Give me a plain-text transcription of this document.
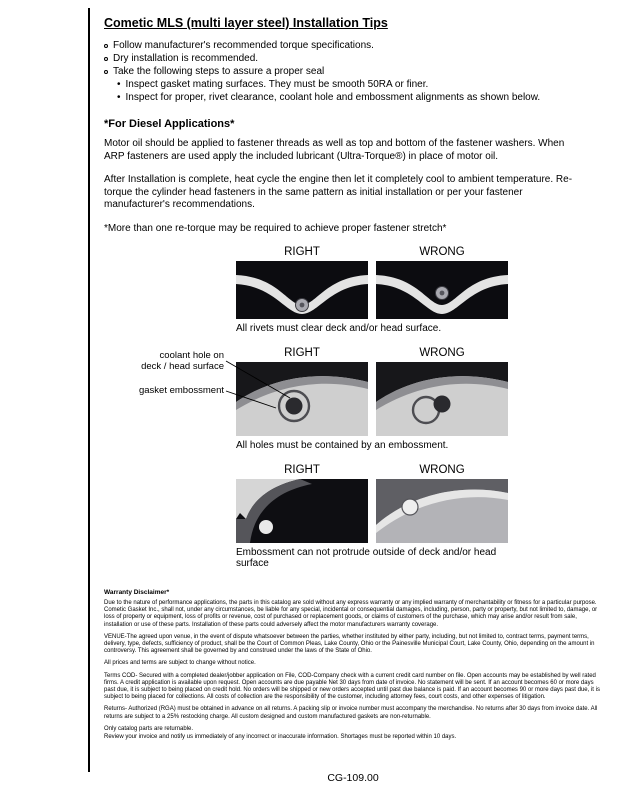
Cometic MLS (multi layer steel) Installation Tips
Follow manufacturer's recommended torque specifications.
Dry installation is recommended.
Take the following steps to assure a proper seal
• Inspect gasket mating surfaces. They must be smooth 50RA or finer.
• Inspect for proper, rivet clearance, coolant hole and embossment alignments as shown below.
*For Diesel Applications*

Motor oil should be applied to fastener threads as well as top and bottom of the fastener washers. When ARP fasteners are used apply the included lubricant (Ultra-Torque®) in place of motor oil.

After Installation is complete, heat cycle the engine then let it completely cool to ambient temperature. Re-torque the cylinder head fasteners in the same pattern as initial installation or per your fastener manufacturer's recommendations.

*More than one re-torque may be required to achieve proper fastener stretch*

RIGHT	WRONG
All rivets must clear deck and/or head surface.
coolant hole on
deck / head surface
gasket embossment
RIGHT	WRONG
All holes must be contained by an embossment.
RIGHT	WRONG
Embossment can not protrude outside of deck and/or head surface
Warranty Disclaimer*

Due to the nature of performance applications, the parts in this catalog are sold without any express warranty or any implied warranty of merchantability or fitness for a particular purpose. Cometic Gasket Inc., shall not, under any circumstances, be liable for any special, incidental or consequential damages, including, person, party or property, but not limited to, damage, or loss of property or equipment, loss of profits or revenue, cost of purchased or replacement goods, or claims of customers of the purchase, which may arise and/or result from sale, installation or use of these parts. Installation of these parts could adversely affect the motor manufacturers warranty coverage.

VENUE-The agreed upon venue, in the event of dispute whatsoever between the parties, whether instituted by either party, including, but not limited to, contract terms, payment terms, delivery, type, defects, sufficiency of product, shall be the Court of Common Pleas, Lake County, Ohio or the Painesville Municipal Court, Lake County, Ohio, depending on the amount in controversy. This agreement shall be governed by and construed under the laws of the State of Ohio.

All prices and terms are subject to change without notice.

Terms COD- Secured with a completed dealer/jobber application on File, COD-Company check with a current credit card number on file. Open accounts may be established by well rated firms. A credit application is available upon request. Open accounts are due payable Net 30 days from date of invoice. No statement will be sent. If an account becomes 60 or more days past due, it is subject to being placed on credit hold. No orders will be shipped or new orders accepted until past due balance is paid. If an account becomes 90 or more days past due, it is subject to being placed for collections. All costs of collection are the responsibility of the customer, including attorney fees, court costs, and other expenses of litigation.

Returns- Authorized (RGA) must be obtained in advance on all returns. A packing slip or invoice number must accompany the merchandise. No returns after 30 days from invoice date. All returns are subject to a 25% restocking charge. All custom designed and custom manufactured gaskets are non-returnable.

Only catalog parts are returnable.

Review your invoice and notify us immediately of any incorrect or inaccurate information. Shortages must be reported within 10 days.

CG-109.00
